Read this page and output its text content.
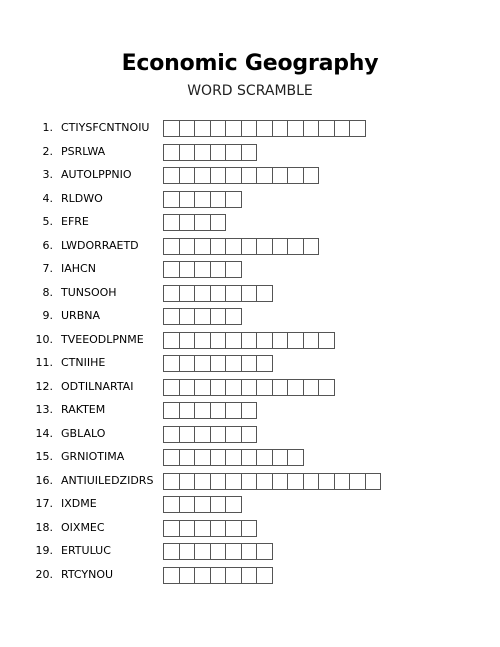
Economic Geography
WORD SCRAMBLE
1. CTIYSFCNTNOIU
2. PSRLWA
3. AUTOLPPNIO
4. RLDWO
5. EFRE
6. LWDORRAETD
7. IAHCN
8. TUNSOOH
9. URBNA
10. TVEEODLPNME
11. CTNIIHE
12. ODTILNARTAI
13. RAKTEM
14. GBLALO
15. GRNIOTIMA
16. ANTIUILEDZIDRS
17. IXDME
18. OIXMEC
19. ERTULUC
20. RTCYNOU
